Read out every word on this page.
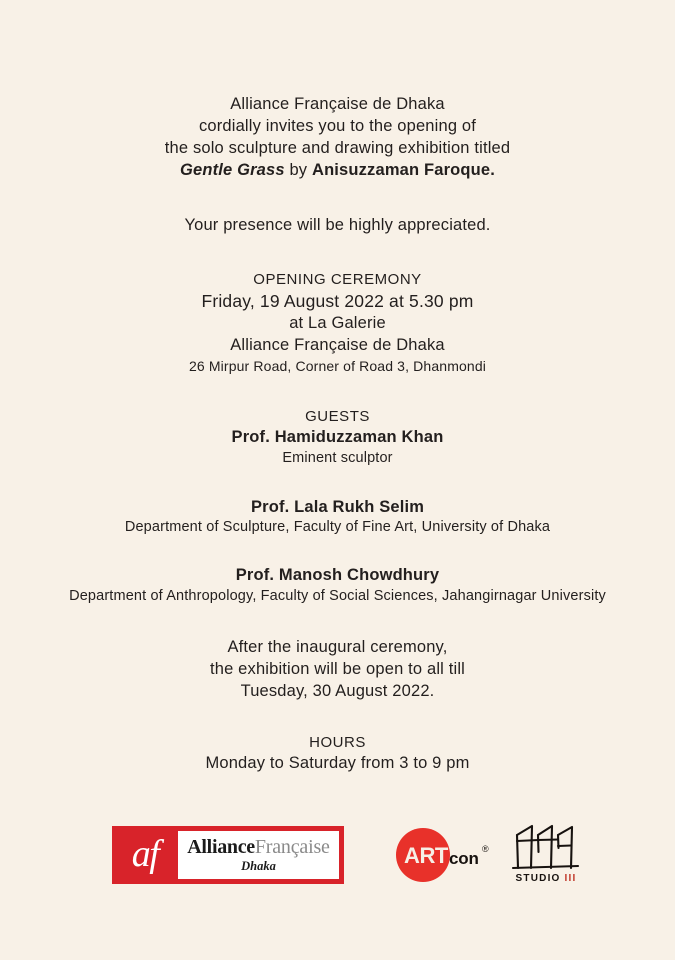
Alliance Française de Dhaka
cordially invites you to the opening of
the solo sculpture and drawing exhibition titled
Gentle Grass by Anisuzzaman Faroque.
Your presence will be highly appreciated.
OPENING CEREMONY
Friday, 19 August 2022 at 5.30 pm
at La Galerie
Alliance Française de Dhaka
26 Mirpur Road, Corner of Road 3, Dhanmondi
GUESTS
Prof. Hamiduzzaman Khan
Eminent sculptor
Prof. Lala Rukh Selim
Department of Sculpture, Faculty of Fine Art, University of Dhaka
Prof. Manosh Chowdhury
Department of Anthropology, Faculty of Social Sciences, Jahangirnagar University
After the inaugural ceremony,
the exhibition will be open to all till
Tuesday, 30 August 2022.
HOURS
Monday to Saturday from 3 to 9 pm
af	AllianceFrançaise
Dhaka	ART con ®
STUDIO III
